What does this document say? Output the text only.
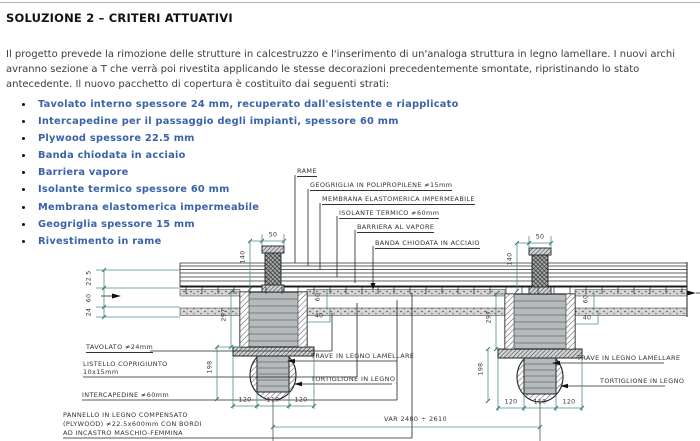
SOLUZIONE 2 – CRITERI ATTUATIVI

Il progetto prevede la rimozione delle strutture in calcestruzzo e l'inserimento di un'analoga struttura in legno lamellare. I nuovi archi avranno sezione a T che verrà poi rivestita applicando le stesse decorazioni precedentemente smontate, ripristinando lo stato antecedente. Il nuovo pacchetto di copertura è costituito dai seguenti strati:

Tavolato interno spessore 24 mm, recuperato dall'esistente e riapplicato
Intercapedine per il passaggio degli impianti, spessore 60 mm
Plywood spessore 22.5 mm
Banda chiodata in acciaio
Barriera vapore
Isolante termico spessore 60 mm
Membrana elastomerica impermeabile
Geogriglia spessore 15 mm
Rivestimento in rame
RAME
GEOGRIGLIA IN POLIPROPILENE ≠15mm
MEMBRANA ELASTOMERICA IMPERMEABILE
ISOLANTE TERMICO ≠60mm
BARRIERA AL VAPORE
BANDA CHIODATA IN ACCIAIO
TAVOLATO ≠24mm
LISTELLO COPRIGIUNTO
10x15mm
INTERCAPEDINE ≠60mm
PANNELLO IN LEGNO COMPENSATO
(PLYWOOD) ≠22.5x600mm CON BORDI
AD INCASTRO MASCHIO-FEMMINA
TRAVE IN LEGNO LAMELLARE
TORTIGLIONE IN LEGNO
TRAVE IN LEGNO LAMELLARE
TORTIGLIONE IN LEGNO
22.5
60
24
50	50
140	140
297	297
198	198
60	60
40	40
120 110 120	120	110	120
VAR 2480 ÷ 2610
